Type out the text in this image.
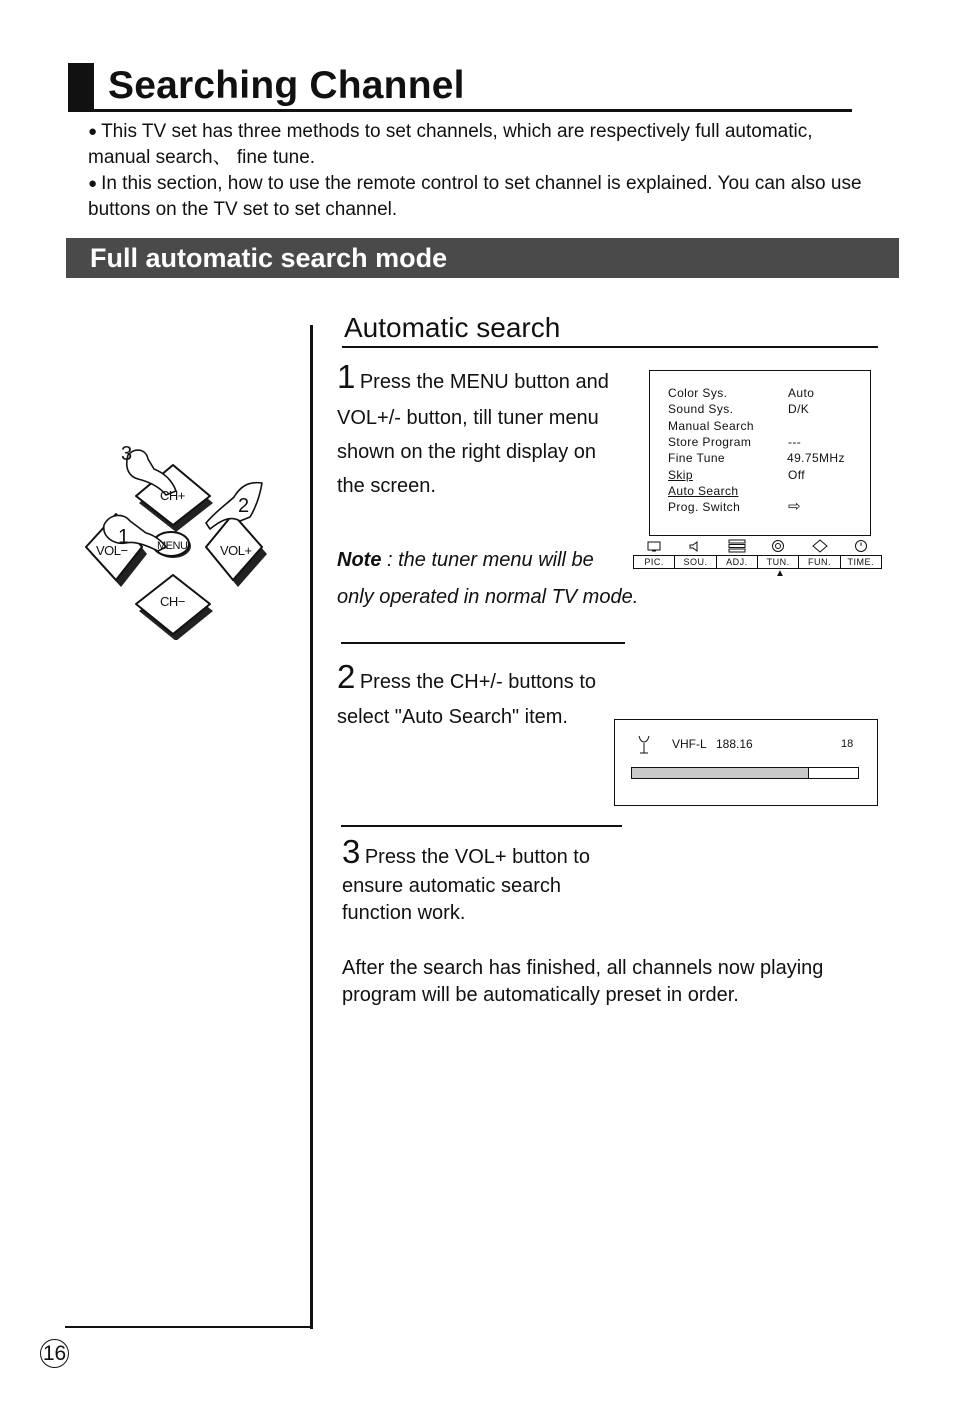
Searching Channel
● This TV set has three methods to set channels, which are respectively full automatic,
manual search、 fine tune.
● In this section, how to use the remote control to set channel is explained. You can also use
buttons on the TV set to set channel.
Full automatic search mode
3
2
1
CH+
CH−
VOL−	VOL+
MENU
16
Automatic search
1 Press the MENU button and
VOL+/- button, till tuner menu
shown on the right display on
the screen.
Note : the tuner menu will be
only operated in normal TV mode.
Color Sys.	Auto
Sound Sys.	D/K
Manual Search
Store Program	---
Fine Tune	49.75MHz
Skip	Off
Auto Search
Prog. Switch	⇨
PIC.	SOU.	ADJ.	TUN.	FUN.	TIME.
▲
2 Press the CH+/- buttons to
select "Auto Search" item.
VHF-L 188.16	18
3 Press the VOL+ button to
ensure automatic search
function work.
After the search has finished, all channels now playing
program will be automatically preset in order.
